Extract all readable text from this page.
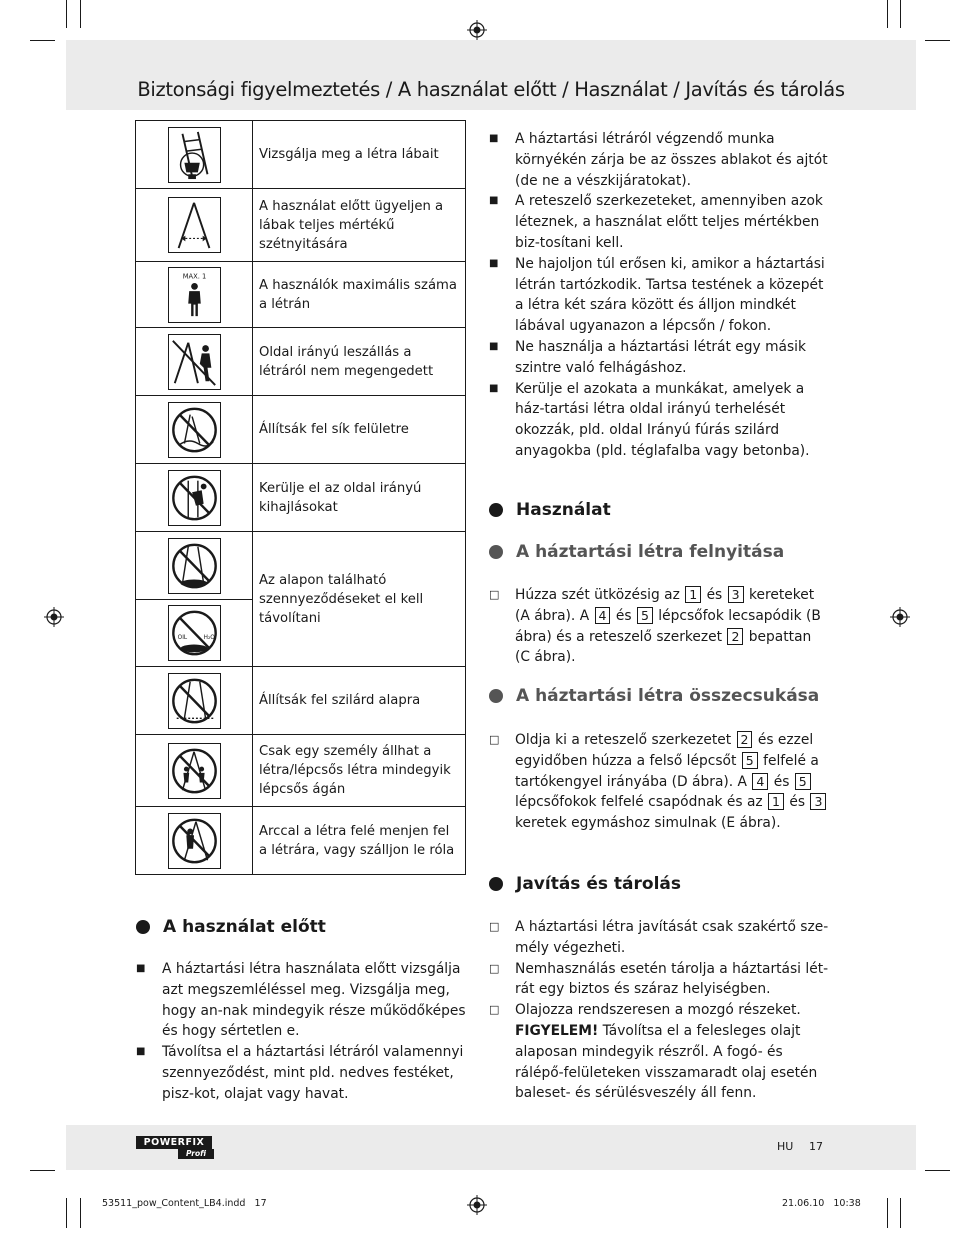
Biztonsági figyelmeztetés / A használat előtt / Használat / Javítás és tárolás
	Vizsgálja meg a létra lábait

	A használat előtt ügyeljen a lábak teljes mértékű szétnyitására

MAX. 1	A használók maximális száma a létrán

	Oldal irányú leszállás a létráról nem megengedett

	Állítsák fel sík felületre

	Kerülje el az oldal irányú kihajlásokat

	Az alapon található szennyeződéseket el kell távolítani

OIL H₂O	

	Állítsák fel szilárd alapra

	Csak egy személy állhat a létra/lépcsős létra mindegyik lépcsős ágán

	Arccal a létra felé menjen fel a létrára, vagy szálljon le róla
A használat előtt
■ A háztartási létra használata előtt vizsgálja azt megszemléléssel meg. Vizsgálja meg, hogy an-nak mindegyik része működőképes és hogy sértetlen e.
■ Távolítsa el a háztartási létráról valamennyi szennyeződést, mint pld. nedves festéket, pisz-kot, olajat vagy havat.
■ A háztartási létráról végzendő munka környékén zárja be az összes ablakot és ajtót (de ne a vészkijáratokat).
■ A reteszelő szerkezeteket, amennyiben azok léteznek, a használat előtt teljes mértékben biz-tosítani kell.
■ Ne hajoljon túl erősen ki, amikor a háztartási létrán tartózkodik. Tartsa testének a közepét a létra két szára között és álljon mindkét lábával ugyanazon a lépcsőn / fokon.
■ Ne használja a háztartási létrát egy másik szintre való felhágáshoz.
■ Kerülje el azokata a munkákat, amelyek a ház-tartási létra oldal irányú terhelését okozzák, pld. oldal Irányú fúrás szilárd anyagokba (pld. téglafalba vagy betonba).
Használat
A háztartási létra felnyitása
□ Húzza szét ütközésig az 1 és 3 kereteket (A ábra). A 4 és 5 lépcsőfok lecsapódik (B ábra) és a reteszelő szerkezet 2 bepattan (C ábra).
A háztartási létra összecsukása
□ Oldja ki a reteszelő szerkezetet 2 és ezzel egyidőben húzza a felső lépcsőt 5 felfelé a tartókengyel irányába (D ábra). A 4 és 5 lépcsőfokok felfelé csapódnak és az 1 és 3 keretek egymáshoz simulnak (E ábra).
Javítás és tárolás
□ A háztartási létra javítását csak szakértő sze-mély végezheti.
□ Nemhasználás esetén tárolja a háztartási lét-rát egy biztos és száraz helyiségben.
□ Olajozza rendszeresen a mozgó részeket.
FIGYELEM! Távolítsa el a felesleges olajt alaposan mindegyik részről. A fogó- és rálépő-felületeken visszamaradt olaj esetén baleset- és sérülésveszély áll fenn.
POWERFIX
Profi
HU 17
53511_pow_Content_LB4.indd   17	21.06.10   10:38
